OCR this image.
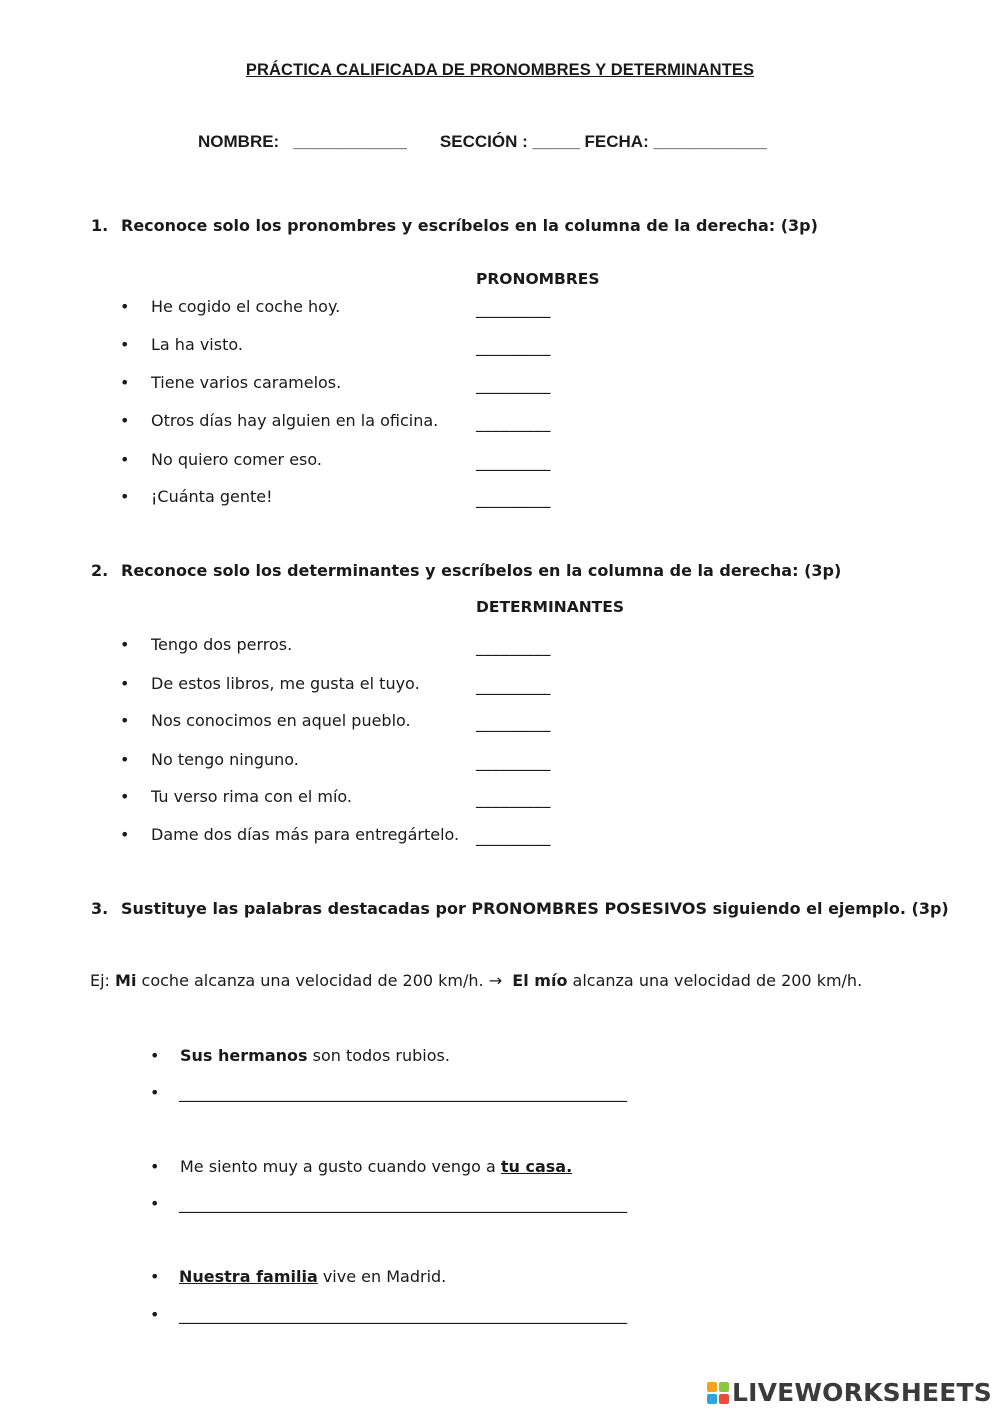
PRÁCTICA CALIFICADA DE PRONOMBRES Y DETERMINANTES
NOMBRE: ____________ SECCIÓN : _____ FECHA: ____________
1. Reconoce solo los pronombres y escríbelos en la columna de la derecha: (3p)
PRONOMBRES
• He cogido el coche hoy.	_________
• La ha visto.	_________
• Tiene varios caramelos.	_________
• Otros días hay alguien en la oficina. _________
• No quiero comer eso.	_________
• ¡Cuánta gente!	_________
2. Reconoce solo los determinantes y escríbelos en la columna de la derecha: (3p)
DETERMINANTES
• Tengo dos perros.	_________
• De estos libros, me gusta el tuyo.	_________
• Nos conocimos en aquel pueblo.	_________
• No tengo ninguno.	_________
• Tu verso rima con el mío.	_________
• Dame dos días más para entregártelo. _________
3. Sustituye las palabras destacadas por PRONOMBRES POSESIVOS siguiendo el ejemplo. (3p)
Ej: Mi coche alcanza una velocidad de 200 km/h. → El mío alcanza una velocidad de 200 km/h.
• Sus hermanos son todos rubios.
• ________________________________________________________
• Me siento muy a gusto cuando vengo a tu casa.
• ________________________________________________________
• Nuestra familia vive en Madrid.
• ________________________________________________________
LIVEWORKSHEETS
